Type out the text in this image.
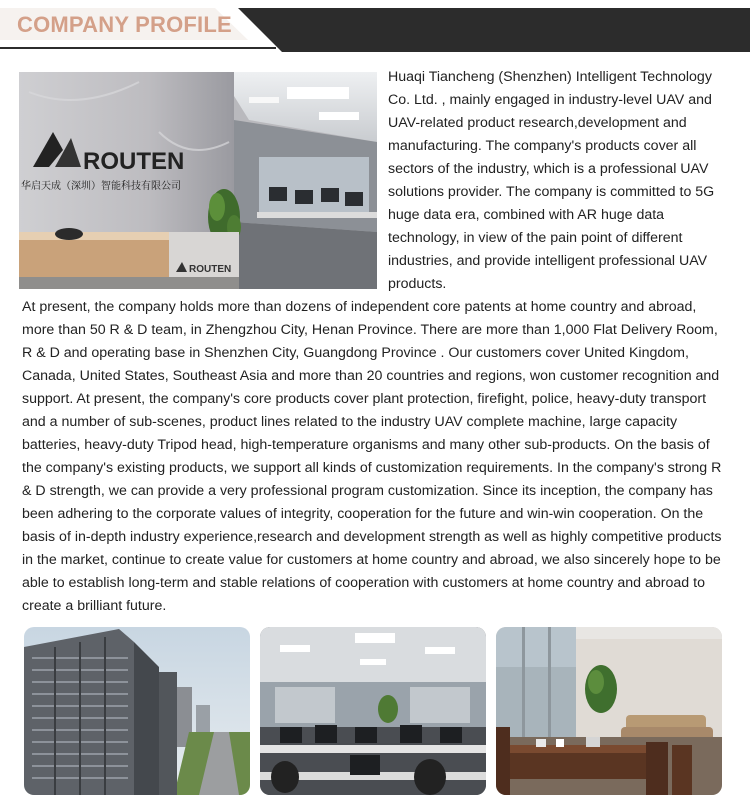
COMPANY PROFILE
ROUTEN
华启天成（深圳）智能科技有限公司
ROUTEN
Huaqi Tiancheng (Shenzhen) Intelligent Technology Co. Ltd. , mainly engaged in industry-level UAV and UAV-related product research,development and manufacturing. The company's products cover all sectors of the industry, which is a professional UAV solutions provider. The company is committed to 5G huge data era, combined with AR huge data technology, in view of the pain point of different industries, and provide intelligent professional UAV products.
At present, the company holds more than dozens of independent core patents at home country and abroad, more than 50 R & D team, in Zhengzhou City, Henan Province. There are more than 1,000 Flat Delivery Room, R & D and operating base in Shenzhen City, Guangdong Province . Our customers cover United Kingdom, Canada, United States, Southeast Asia and more than 20 countries and regions, won customer recognition and support. At present, the company's core products cover plant protection, firefight, police, heavy-duty transport and a number of sub-scenes, product lines related to the industry UAV complete machine, large capacity batteries, heavy-duty Tripod head, high-temperature organisms and many other sub-products. On the basis of the company's existing products, we support all kinds of customization requirements. In the company's strong R & D strength, we can provide a very professional program customization. Since its inception, the company has been adhering to the corporate values of integrity, cooperation for the future and win-win cooperation. On the basis of in-depth industry experience,research and development strength as well as highly competitive products in the market, continue to create value for customers at home country and abroad, we also sincerely hope to be able to establish long-term and stable relations of cooperation with customers at home country and abroad to create a brilliant future.
